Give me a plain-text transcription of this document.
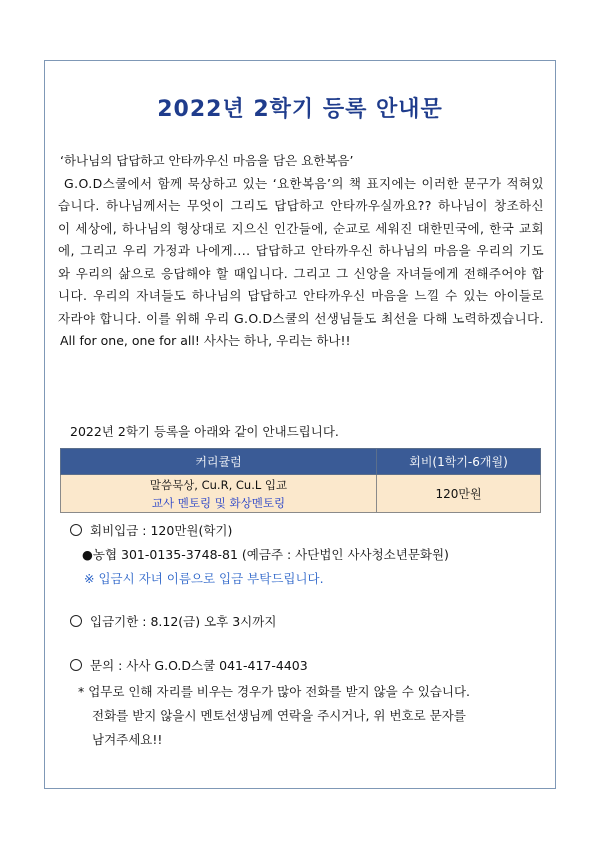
2022년 2학기 등록 안내문

‘하나님의 답답하고 안타까우신 마음을 담은 요한복음’

G.O.D스쿨에서 함께 묵상하고 있는 ‘요한복음’의 책 표지에는 이러한 문구가 적혀있습니다. 하나님께서는 무엇이 그리도 답답하고 안타까우실까요?? 하나님이 창조하신 이 세상에, 하나님의 형상대로 지으신 인간들에, 순교로 세워진 대한민국에, 한국 교회에, 그리고 우리 가정과 나에게.... 답답하고 안타까우신 하나님의 마음을 우리의 기도와 우리의 삶으로 응답해야 할 때입니다. 그리고 그 신앙을 자녀들에게 전해주어야 합니다. 우리의 자녀들도 하나님의 답답하고 안타까우신 마음을 느낄 수 있는 아이들로 자라야 합니다. 이를 위해 우리 G.O.D스쿨의 선생님들도 최선을 다해 노력하겠습니다.

All for one, one for all! 사사는 하나, 우리는 하나!!

2022년 2학기 등록을 아래와 같이 안내드립니다.

커리큘럼	회비(1학기-6개월)

말씀묵상, Cu.R, Cu.L 입교
교사 멘토링 및 화상멘토링	120만원

회비입금 : 120만원(학기)

●농협 301-0135-3748-81 (예금주 : 사단법인 사사청소년문화원)

※ 입금시 자녀 이름으로 입금 부탁드립니다.

입금기한 : 8.12(금) 오후 3시까지

문의 : 사사 G.O.D스쿨 041-417-4403

* 업무로 인해 자리를 비우는 경우가 많아 전화를 받지 않을 수 있습니다.

전화를 받지 않을시 멘토선생님께 연락을 주시거나, 위 번호로 문자를

남겨주세요!!
